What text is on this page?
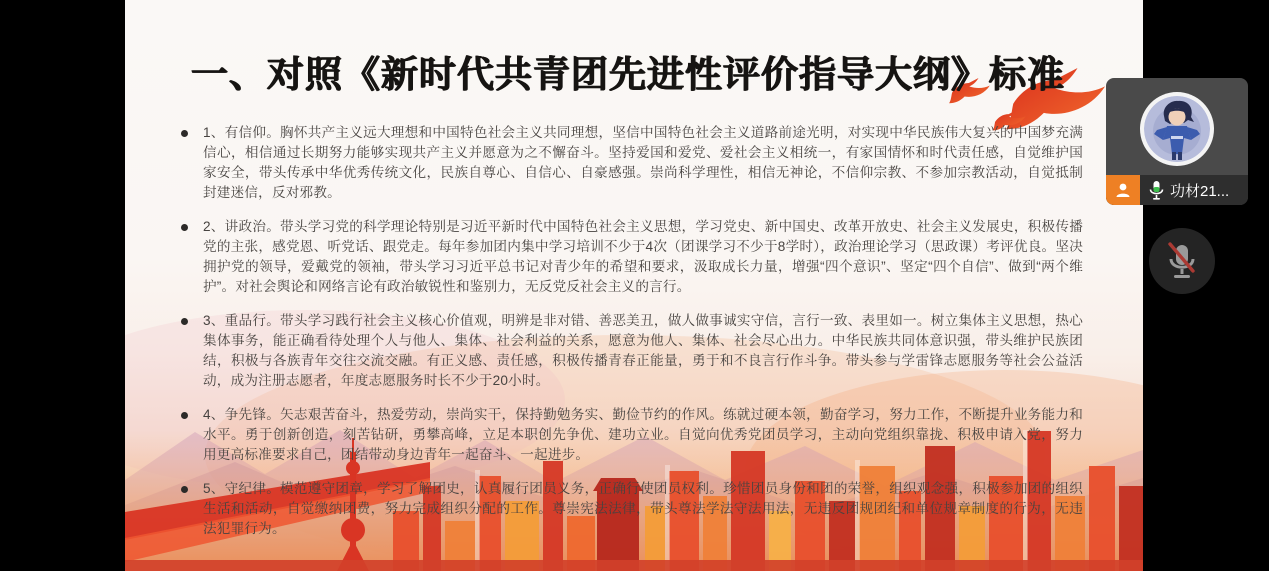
一、对照《新时代共青团先进性评价指导大纲》标准

1、有信仰。胸怀共产主义远大理想和中国特色社会主义共同理想，坚信中国特色社会主义道路前途光明，对实现中华民族伟大复兴的中国梦充满信心，相信通过长期努力能够实现共产主义并愿意为之不懈奋斗。坚持爱国和爱党、爱社会主义相统一，有家国情怀和时代责任感，自觉维护国家安全，带头传承中华优秀传统文化，民族自尊心、自信心、自豪感强。崇尚科学理性，相信无神论，不信仰宗教、不参加宗教活动，自觉抵制封建迷信，反对邪教。

2、讲政治。带头学习党的科学理论特别是习近平新时代中国特色社会主义思想，学习党史、新中国史、改革开放史、社会主义发展史，积极传播党的主张，感党恩、听党话、跟党走。每年参加团内集中学习培训不少于4次（团课学习不少于8学时），政治理论学习（思政课）考评优良。坚决拥护党的领导，爱戴党的领袖，带头学习习近平总书记对青少年的希望和要求，汲取成长力量，增强“四个意识”、坚定“四个自信”、做到“两个维护”。对社会舆论和网络言论有政治敏锐性和鉴别力，无反党反社会主义的言行。

3、重品行。带头学习践行社会主义核心价值观，明辨是非对错、善恶美丑，做人做事诚实守信，言行一致、表里如一。树立集体主义思想，热心集体事务，能正确看待处理个人与他人、集体、社会利益的关系，愿意为他人、集体、社会尽心出力。中华民族共同体意识强，带头维护民族团结，积极与各族青年交往交流交融。有正义感、责任感，积极传播青春正能量，勇于和不良言行作斗争。带头参与学雷锋志愿服务等社会公益活动，成为注册志愿者，年度志愿服务时长不少于20小时。

4、争先锋。矢志艰苦奋斗，热爱劳动，崇尚实干，保持勤勉务实、勤俭节约的作风。练就过硬本领，勤奋学习，努力工作，不断提升业务能力和水平。勇于创新创造，刻苦钻研，勇攀高峰，立足本职创先争优、建功立业。自觉向优秀党团员学习，主动向党组织靠拢、积极申请入党，努力用更高标准要求自己，团结带动身边青年一起奋斗、一起进步。

5、守纪律。模范遵守团章，学习了解团史，认真履行团员义务，正确行使团员权利。珍惜团员身份和团的荣誉，组织观念强，积极参加团的组织生活和活动，自觉缴纳团费，努力完成组织分配的工作。尊崇宪法法律，带头尊法学法守法用法，无违反团规团纪和单位规章制度的行为，无违法犯罪行为。

功材21...
